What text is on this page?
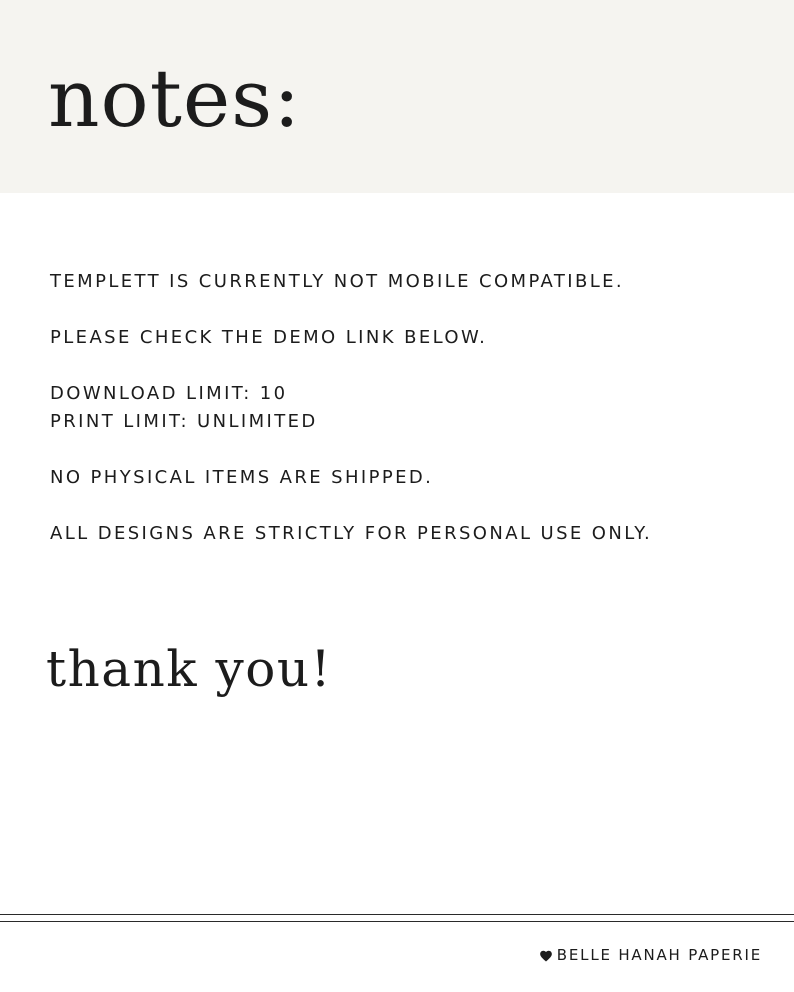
notes:
TEMPLETT IS CURRENTLY NOT MOBILE COMPATIBLE.
PLEASE CHECK THE DEMO LINK BELOW.
DOWNLOAD LIMIT: 10
PRINT LIMIT: UNLIMITED
NO PHYSICAL ITEMS ARE SHIPPED.
ALL DESIGNS ARE STRICTLY FOR PERSONAL USE ONLY.

thank you!

BELLE HANAH PAPERIE
